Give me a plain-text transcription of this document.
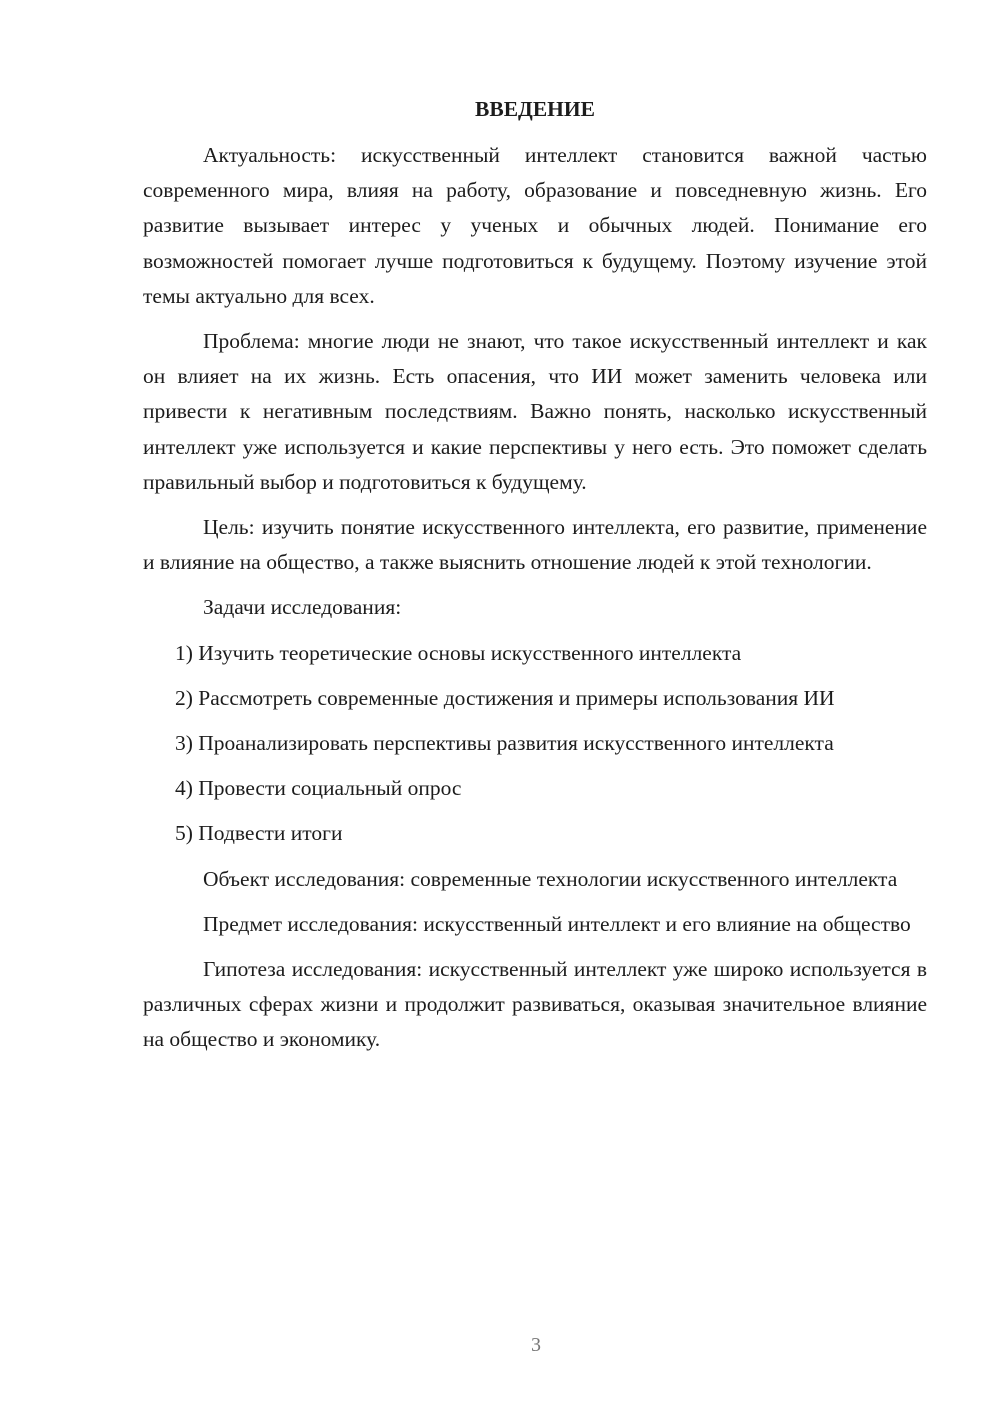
ВВЕДЕНИЕ
Актуальность: искусственный интеллект становится важной частью современного мира, влияя на работу, образование и повседневную жизнь. Его развитие вызывает интерес у ученых и обычных людей. Понимание его возможностей помогает лучше подготовиться к будущему. Поэтому изучение этой темы актуально для всех.
Проблема: многие люди не знают, что такое искусственный интеллект и как он влияет на их жизнь. Есть опасения, что ИИ может заменить человека или привести к негативным последствиям. Важно понять, насколько искусственный интеллект уже используется и какие перспективы у него есть. Это поможет сделать правильный выбор и подготовиться к будущему.
Цель: изучить понятие искусственного интеллекта, его развитие, применение и влияние на общество, а также выяснить отношение людей к этой технологии.
Задачи исследования:
1) Изучить теоретические основы искусственного интеллекта
2) Рассмотреть современные достижения и примеры использования ИИ
3) Проанализировать перспективы развития искусственного интеллекта
4) Провести социальный опрос
5) Подвести итоги
Объект исследования: современные технологии искусственного интеллекта
Предмет исследования: искусственный интеллект и его влияние на общество
Гипотеза исследования: искусственный интеллект уже широко используется в различных сферах жизни и продолжит развиваться, оказывая значительное влияние на общество и экономику.
3
